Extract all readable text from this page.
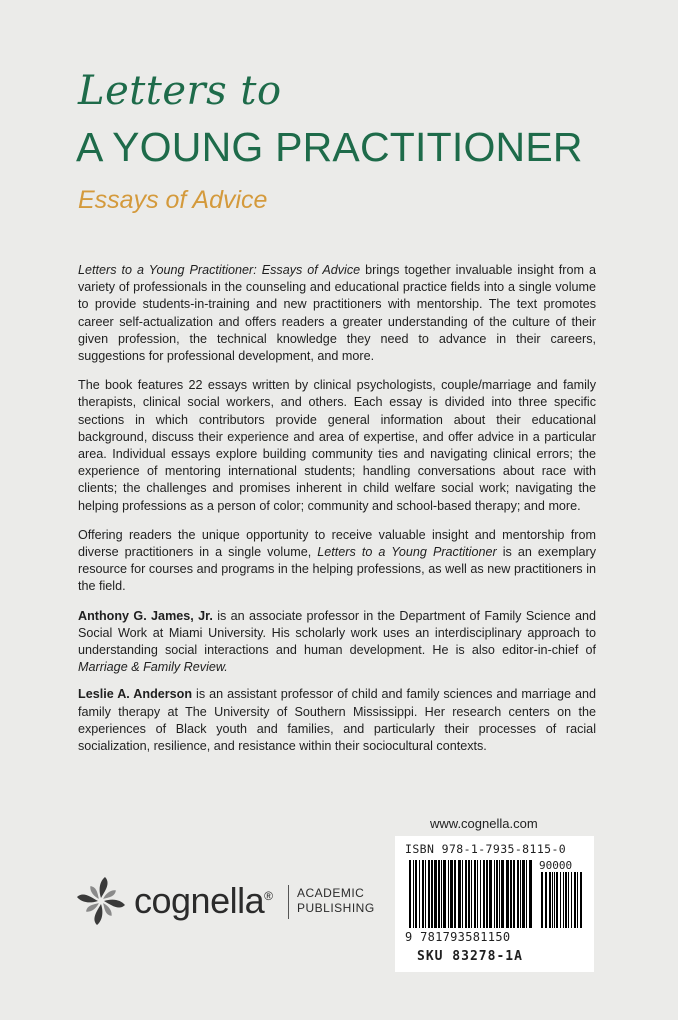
Letters to
A YOUNG PRACTITIONER
Essays of Advice

Letters to a Young Practitioner: Essays of Advice brings together invaluable insight from a variety of professionals in the counseling and educational practice fields into a single volume to provide students-in-training and new practitioners with mentorship. The text promotes career self-actualization and offers readers a greater understanding of the culture of their given profession, the technical knowledge they need to advance in their careers, suggestions for professional development, and more.

The book features 22 essays written by clinical psychologists, couple/marriage and family therapists, clinical social workers, and others. Each essay is divided into three specific sections in which contributors provide general information about their educational background, discuss their experience and area of expertise, and offer advice in a particular area. Individual essays explore building community ties and navigating clinical errors; the experience of mentoring international students; handling conversations about race with clients; the challenges and promises inherent in child welfare social work; navigating the helping professions as a person of color; community and school-based therapy; and more.

Offering readers the unique opportunity to receive valuable insight and mentorship from diverse practitioners in a single volume, Letters to a Young Practitioner is an exemplary resource for courses and programs in the helping professions, as well as new practitioners in the field.

Anthony G. James, Jr. is an associate professor in the Department of Family Science and Social Work at Miami University. His scholarly work uses an interdisciplinary approach to understanding social interactions and human development. He is also editor-in-chief of Marriage & Family Review.

Leslie A. Anderson is an assistant professor of child and family sciences and marriage and family therapy at The University of Southern Mississippi. Her research centers on the experiences of Black youth and families, and particularly their processes of racial socialization, resilience, and resistance within their sociocultural contexts.

www.cognella.com
ISBN 978-1-7935-8115-0
90000
9 781793581150
SKU 83278-1A
cognella® ACADEMIC
PUBLISHING
